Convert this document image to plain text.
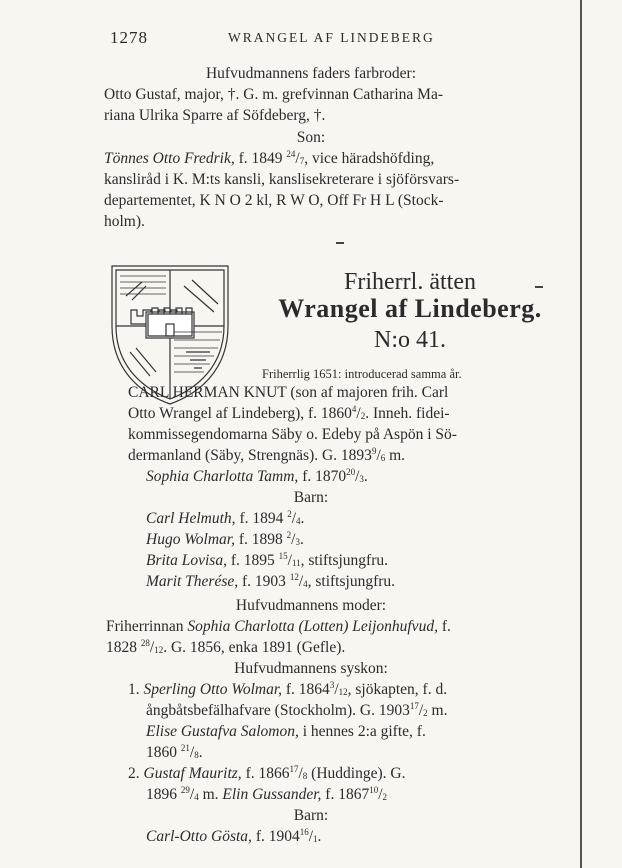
1278	WRANGEL AF LINDEBERG
Hufvudmannens faders farbroder:
Otto Gustaf, major, †. G. m. grefvinnan Catharina Ma-
riana Ulrika Sparre af Söfdeberg, †.
Son:
Tönnes Otto Fredrik, f. 1849 $^{24}/_7$, vice häradshöfding,
kansliråd i K. M:ts kansli, kanslisekreterare i sjöförsvars-
departementet, K N O 2 kl, R W O, Off Fr H L (Stock-
holm).
Friherrl. ätten
Wrangel af Lindeberg.
N:o 41.
Friherrlig 1651: introducerad samma år.
CARL HERMAN KNUT (son af majoren frih. Carl
Otto Wrangel af Lindeberg), f. $1860^4/_2$. Inneh. fidei-
kommissegendomarna Säby o. Edeby på Aspön i Sö-
dermanland (Säby, Strengnäs). G. $1893^9/_6$ m.
Sophia Charlotta Tamm, f. $1870^{20}/_3$.
Barn:
Carl Helmuth, f. 1894 $^2/_4$.
Hugo Wolmar, f. 1898 $^2/_3$.
Brita Lovisa, f. 1895 $^{15}/_{11}$, stiftsjungfru.
Marit Therése, f. 1903 $^{12}/_4$, stiftsjungfru.
Hufvudmannens moder:
Friherrinnan Sophia Charlotta (Lotten) Leijonhufvud, f.
1828 $^{28}/_{12}$. G. 1856, enka 1891 (Gefle).
Hufvudmannens syskon:
1. Sperling Otto Wolmar, f. $1864^3/_{12}$, sjökapten, f. d.
ångbåtsbefälhafvare (Stockholm). G. $1903^{17}/_2$ m.
Elise Gustafva Salomon, i hennes 2:a gifte, f.
1860 $^{21}/_8$.
2. Gustaf Mauritz, f. $1866^{17}/_8$ (Huddinge). G.
1896 $^{29}/_4$ m. Elin Gussander, f. $1867^{10}/_2$
Barn:
Carl-Otto Gösta, f. $1904^{16}/_1$.
